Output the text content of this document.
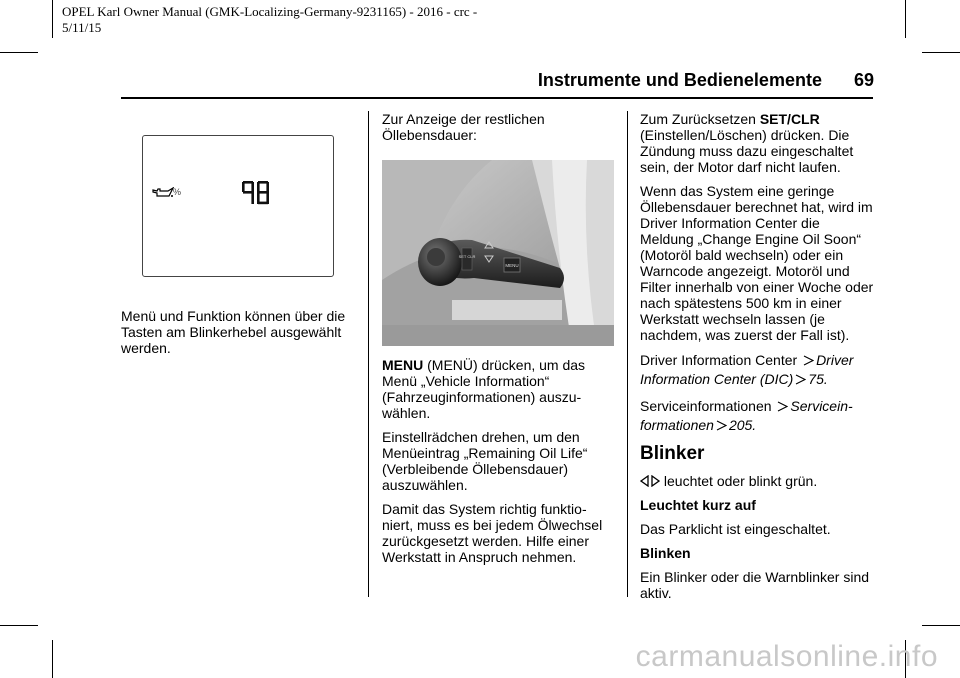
OPEL Karl Owner Manual (GMK-Localizing-Germany-9231165) - 2016 - crc -
5/11/15
Instrumente und Bedienelemente 69
%

Menü und Funktion können über die Tasten am Blinkerhebel ausgewählt werden.

Zur Anzeige der restlichen Öllebensdauer:

SET CLR
MENU

MENU (MENÜ) drücken, um das Menü „Vehicle Information“ (Fahrzeuginformationen) auszu- wählen.

Einstellrädchen drehen, um den Menüeintrag „Remaining Oil Life“ (Verbleibende Öllebensdauer) auszuwählen.

Damit das System richtig funktio- niert, muss es bei jedem Ölwechsel zurückgesetzt werden. Hilfe einer Werkstatt in Anspruch nehmen.

Zum Zurücksetzen SET/CLR (Einstellen/Löschen) drücken. Die Zündung muss dazu eingeschaltet sein, der Motor darf nicht laufen.

Wenn das System eine geringe Öllebensdauer berechnet hat, wird im Driver Information Center die Meldung „Change Engine Oil Soon“ (Motoröl bald wechseln) oder ein Warncode angezeigt. Motoröl und Filter innerhalb von einer Woche oder nach spätestens 500 km in einer Werkstatt wechseln lassen (je nachdem, was zuerst der Fall ist).

Driver Information Center Driver Information Center (DIC) 75.

Serviceinformationen Servicein- formationen 205.

Blinker

leuchtet oder blinkt grün.

Leuchtet kurz auf

Das Parklicht ist eingeschaltet.

Blinken

Ein Blinker oder die Warnblinker sind aktiv.

carmanualsonline.info
